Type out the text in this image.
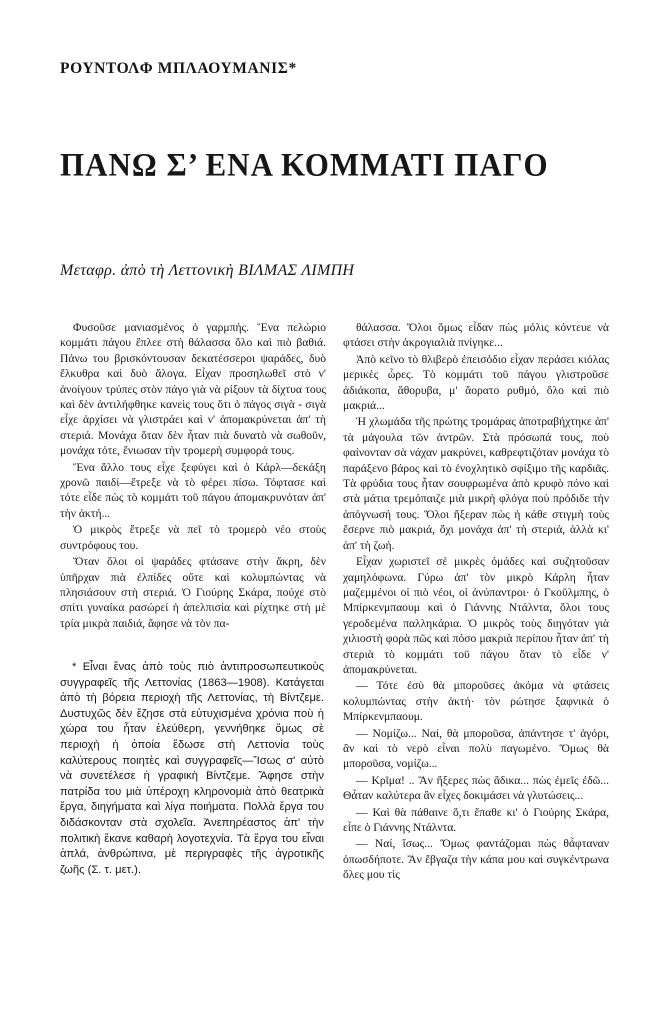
ΡΟΥΝΤΟΛΦ ΜΠΛΑΟΥΜΑΝΙΣ*
ΠΑΝΩ Σ’ ΕΝΑ ΚΟΜΜΑΤΙ ΠΑΓΟ
Μεταφρ. ἀπὸ τὴ Λεττονικὴ ΒΙΛΜΑΣ ΛΙΜΠΗ

Φυσοῦσε μανιασμένος ὁ γαρμπής. Ἕνα πελώριο κομμάτι πάγου ἔπλεε στὴ θάλασσα ὅλο καὶ πιὸ βαθιά. Πάνω του βρισκόντουσαν δεκατέσσεροι ψαράδες, δυὸ ἔλκυθρα καὶ δυὸ ἄλογα. Εἶχαν προσηλωθεῖ στὸ ν' ἀνοίγουν τρύπες στὸν πάγο γιὰ νὰ ρίξουν τὰ δίχτυα τους καὶ δὲν ἀντιλήφθηκε κανεὶς τους ὅτι ὁ πάγος σιγὰ - σιγὰ εἶχε ἀρχίσει νὰ γλιστράει καὶ ν' ἀπομακρύνεται ἀπ' τὴ στεριά. Μονάχα ὅταν δὲν ἦταν πιὰ δυνατὸ νὰ σωθοῦν, μονάχα τότε, ἔνιωσαν τὴν τρομερὴ συμφορά τους.

Ἕνα ἄλλο τους εἶχε ξεφύγει καὶ ὁ Κάρλ—δεκάξη χρονῶ παιδί—ἔτρεξε νὰ τὸ φέρει πίσω. Τόφτασε καὶ τότε εἶδε πὼς τὸ κομμάτι τοῦ πάγου ἀπομακρυνόταν ἀπ' τὴν ἀκτή...

Ὁ μικρὸς ἔτρεξε νὰ πεῖ τὸ τρομερὸ νέο στοὺς συντρόφους του.

Ὅταν ὅλοι οἱ ψαράδες φτάσανε στὴν ἄκρη, δὲν ὑπῆρχαν πιὰ ἐλπίδες οὔτε καὶ κολυμπώντας νὰ πλησιάσουν στὴ στεριά. Ὁ Γιούρης Σκάρα, πούχε στὸ σπίτι γυναίκα ρασώρεί ἡ ἀπελπισία καὶ ρίχτηκε στὴ μὲ τρία μικρὰ παιδιά, ἄφησε νὰ τὸν πα-

* Εἶναι ἕνας ἀπὸ τοὺς πιὸ ἀντιπροσωπευτικοὺς συγγραφεῖς τῆς Λεττονίας (1863—1908). Κατάγεται ἀπὸ τὴ βόρεια περιοχὴ τῆς Λεττονίας, τὴ Βίντζεμε. Δυστυχῶς δὲν ἔζησε στὰ εὐτυχισμένα χρόνια ποὺ ἡ χώρα του ἦταν ἐλεύθερη, γεννήθηκε ὅμως σὲ περιοχὴ ἡ ὁποία ἔδωσε στὴ Λεττονία τοὺς καλύτερους ποιητὲς καὶ συγγραφεῖς—Ἴσως σ' αὐτὸ νὰ συνετέλεσε ἡ γραφικὴ Βίντζεμε. Ἄφησε στὴν πατρίδα του μιὰ ὑπέροχη κληρονομιὰ ἀπὸ θεατρικὰ ἔργα, διηγήματα καὶ λίγα ποιήματα. Πολλὰ ἔργα του διδάσκονταν στὰ σχολεῖα. Ἀνεπηρέαστος ἀπ' τὴν πολιτικὴ ἔκανε καθαρὴ λογοτεχνία. Τὰ ἔργα του εἶναι ἁπλά, ἀνθρώπινα, μὲ περιγραφὲς τῆς ἀγροτικῆς ζωῆς (Σ. τ. μετ.).

θάλασσα. Ὅλοι ὅμως εἶδαν πὼς μόλις κόντευε νὰ φτάσει στὴν ἀκρογιαλιὰ πνίγηκε...

Ἀπὸ κεῖνο τὸ θλιβερὸ ἐπεισόδιο εἶχαν περάσει κιόλας μερικὲς ὧρες. Τὸ κομμάτι τοῦ πάγου γλιστροῦσε ἀδιάκοπα, ἄθορυβα, μ' ἄορατο ρυθμό, ὅλο καὶ πιὸ μακριά...

Ἡ χλωμάδα τῆς πρώτης τρομάρας ἀποτραβήχτηκε ἀπ' τὰ μάγουλα τῶν ἀντρῶν. Στὰ πρόσωπά τους, ποὺ φαίνονταν σὰ νάχαν μακρύνει, καθρεφτιζόταν μονάχα τὸ παράξενο βάρος καὶ τὸ ἐνοχλητικὸ σφίξιμο τῆς καρδιᾶς. Τὰ φρύδια τους ἦταν σουφρωμένα ἀπὸ κρυφὸ πόνο καὶ στὰ μάτια τρεμόπαιζε μιὰ μικρὴ φλόγα ποὺ πρόδιδε τὴν ἀπόγνωσή τους. Ὅλοι ἤξεραν πὼς ἡ κάθε στιγμὴ τοὺς ἔσερνε πιὸ μακριά, ὄχι μονάχα ἀπ' τὴ στεριά, ἀλλὰ κι' ἀπ' τὴ ζωή.

Εἶχαν χωριστεῖ σὲ μικρὲς ὁμάδες καὶ συζητοῦσαν χαμηλόφωνα. Γύρω ἀπ' τὸν μικρὸ Κάρλη ἦταν μαζεμμένοι οἱ πιὸ νέοι, οἱ ἀνύπαντροι· ὁ Γκοῦλμπης, ὁ Μπίρκενμπαουμ καὶ ὁ Γιάννης Ντάλντα, ὅλοι τους γεροδεμένα παλληκάρια. Ὁ μικρὸς τοὺς διηγόταν γιὰ χιλιοστὴ φορὰ πῶς καὶ πόσο μακριὰ περίπου ἦταν ἀπ' τὴ στεριὰ τὸ κομμάτι τοῦ πάγου ὅταν τὸ εἶδε ν' ἀπομακρύνεται.

— Τότε ἐσὺ θὰ μποροῦσες ἀκόμα νὰ φτάσεις κολυμπώντας στὴν ἀκτή· τὸν ρώτησε ξαφνικὰ ὁ Μπίρκενμπαουμ.

— Νομίζω... Ναί, θὰ μποροῦσα, ἀπάντησε τ' ἀγόρι, ἂν καὶ τὸ νερὸ εἶναι πολὺ παγωμένο. Ὅμως θὰ μποροῦσα, νομίζω...

— Κρῖμα! .. Ἂν ἤξερες πὼς ἄδικα... πὼς ἐμεῖς ἐδῶ... Θἆταν καλύτερα ἂν εἶχες δοκιμάσει νὰ γλυτώσεις...

— Καὶ θὰ πάθαινε ὅ,τι ἔπαθε κι' ὁ Γιούρης Σκάρα, εἶπε ὁ Γιάννης Ντάλντα.

— Ναί, ἴσως... Ὅμως φαντάζομαι πὼς θἆφταναν ὁπωσδήποτε. Ἂν ἔβγαζα τὴν κάπα μου καὶ συγκέντρωνα ὅλες μου τὶς
